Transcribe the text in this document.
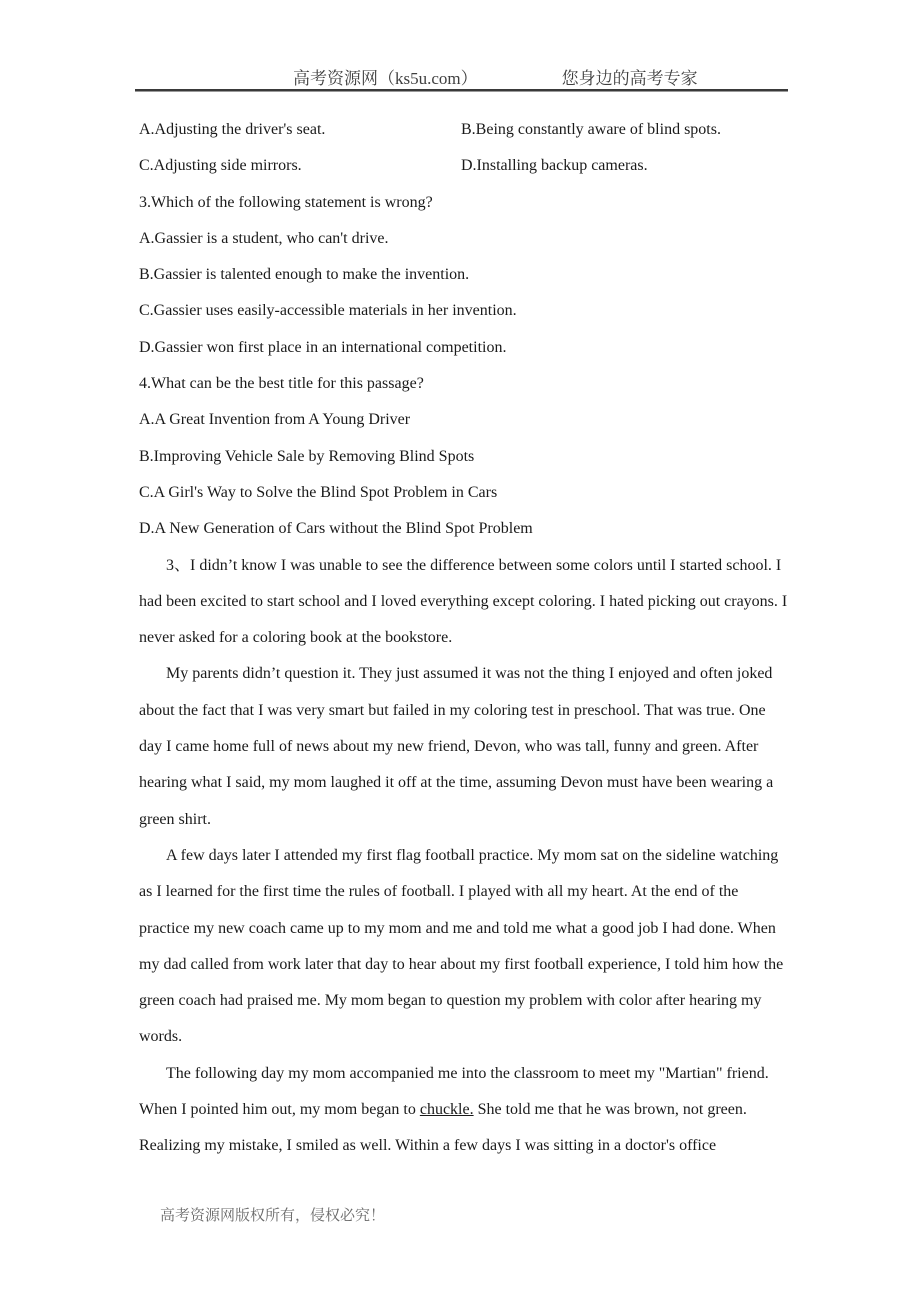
高考资源网（ks5u.com）	您身边的高考专家
A.Adjusting the driver's seat.	B.Being constantly aware of blind spots.
C.Adjusting side mirrors.	D.Installing backup cameras.
3.Which of the following statement is wrong?
A.Gassier is a student, who can't drive.
B.Gassier is talented enough to make the invention.
C.Gassier uses easily-accessible materials in her invention.
D.Gassier won first place in an international competition.
4.What can be the best title for this passage?
A.A Great Invention from A Young Driver
B.Improving Vehicle Sale by Removing Blind Spots
C.A Girl's Way to Solve the Blind Spot Problem in Cars
D.A New Generation of Cars without the Blind Spot Problem

3、I didn’t know I was unable to see the difference between some colors until I started school. I had been excited to start school and I loved everything except coloring. I hated picking out crayons. I never asked for a coloring book at the bookstore.

My parents didn’t question it. They just assumed it was not the thing I enjoyed and often joked about the fact that I was very smart but failed in my coloring test in preschool. That was true. One day I came home full of news about my new friend, Devon, who was tall, funny and green. After hearing what I said, my mom laughed it off at the time, assuming Devon must have been wearing a green shirt.

A few days later I attended my first flag football practice. My mom sat on the sideline watching as I learned for the first time the rules of football. I played with all my heart. At the end of the practice my new coach came up to my mom and me and told me what a good job I had done. When my dad called from work later that day to hear about my first football experience, I told him how the green coach had praised me. My mom began to question my problem with color after hearing my words.

The following day my mom accompanied me into the classroom to meet my "Martian" friend. When I pointed him out, my mom began to chuckle. She told me that he was brown, not green. Realizing my mistake, I smiled as well. Within a few days I was sitting in a doctor's office

高考资源网版权所有，侵权必究！
